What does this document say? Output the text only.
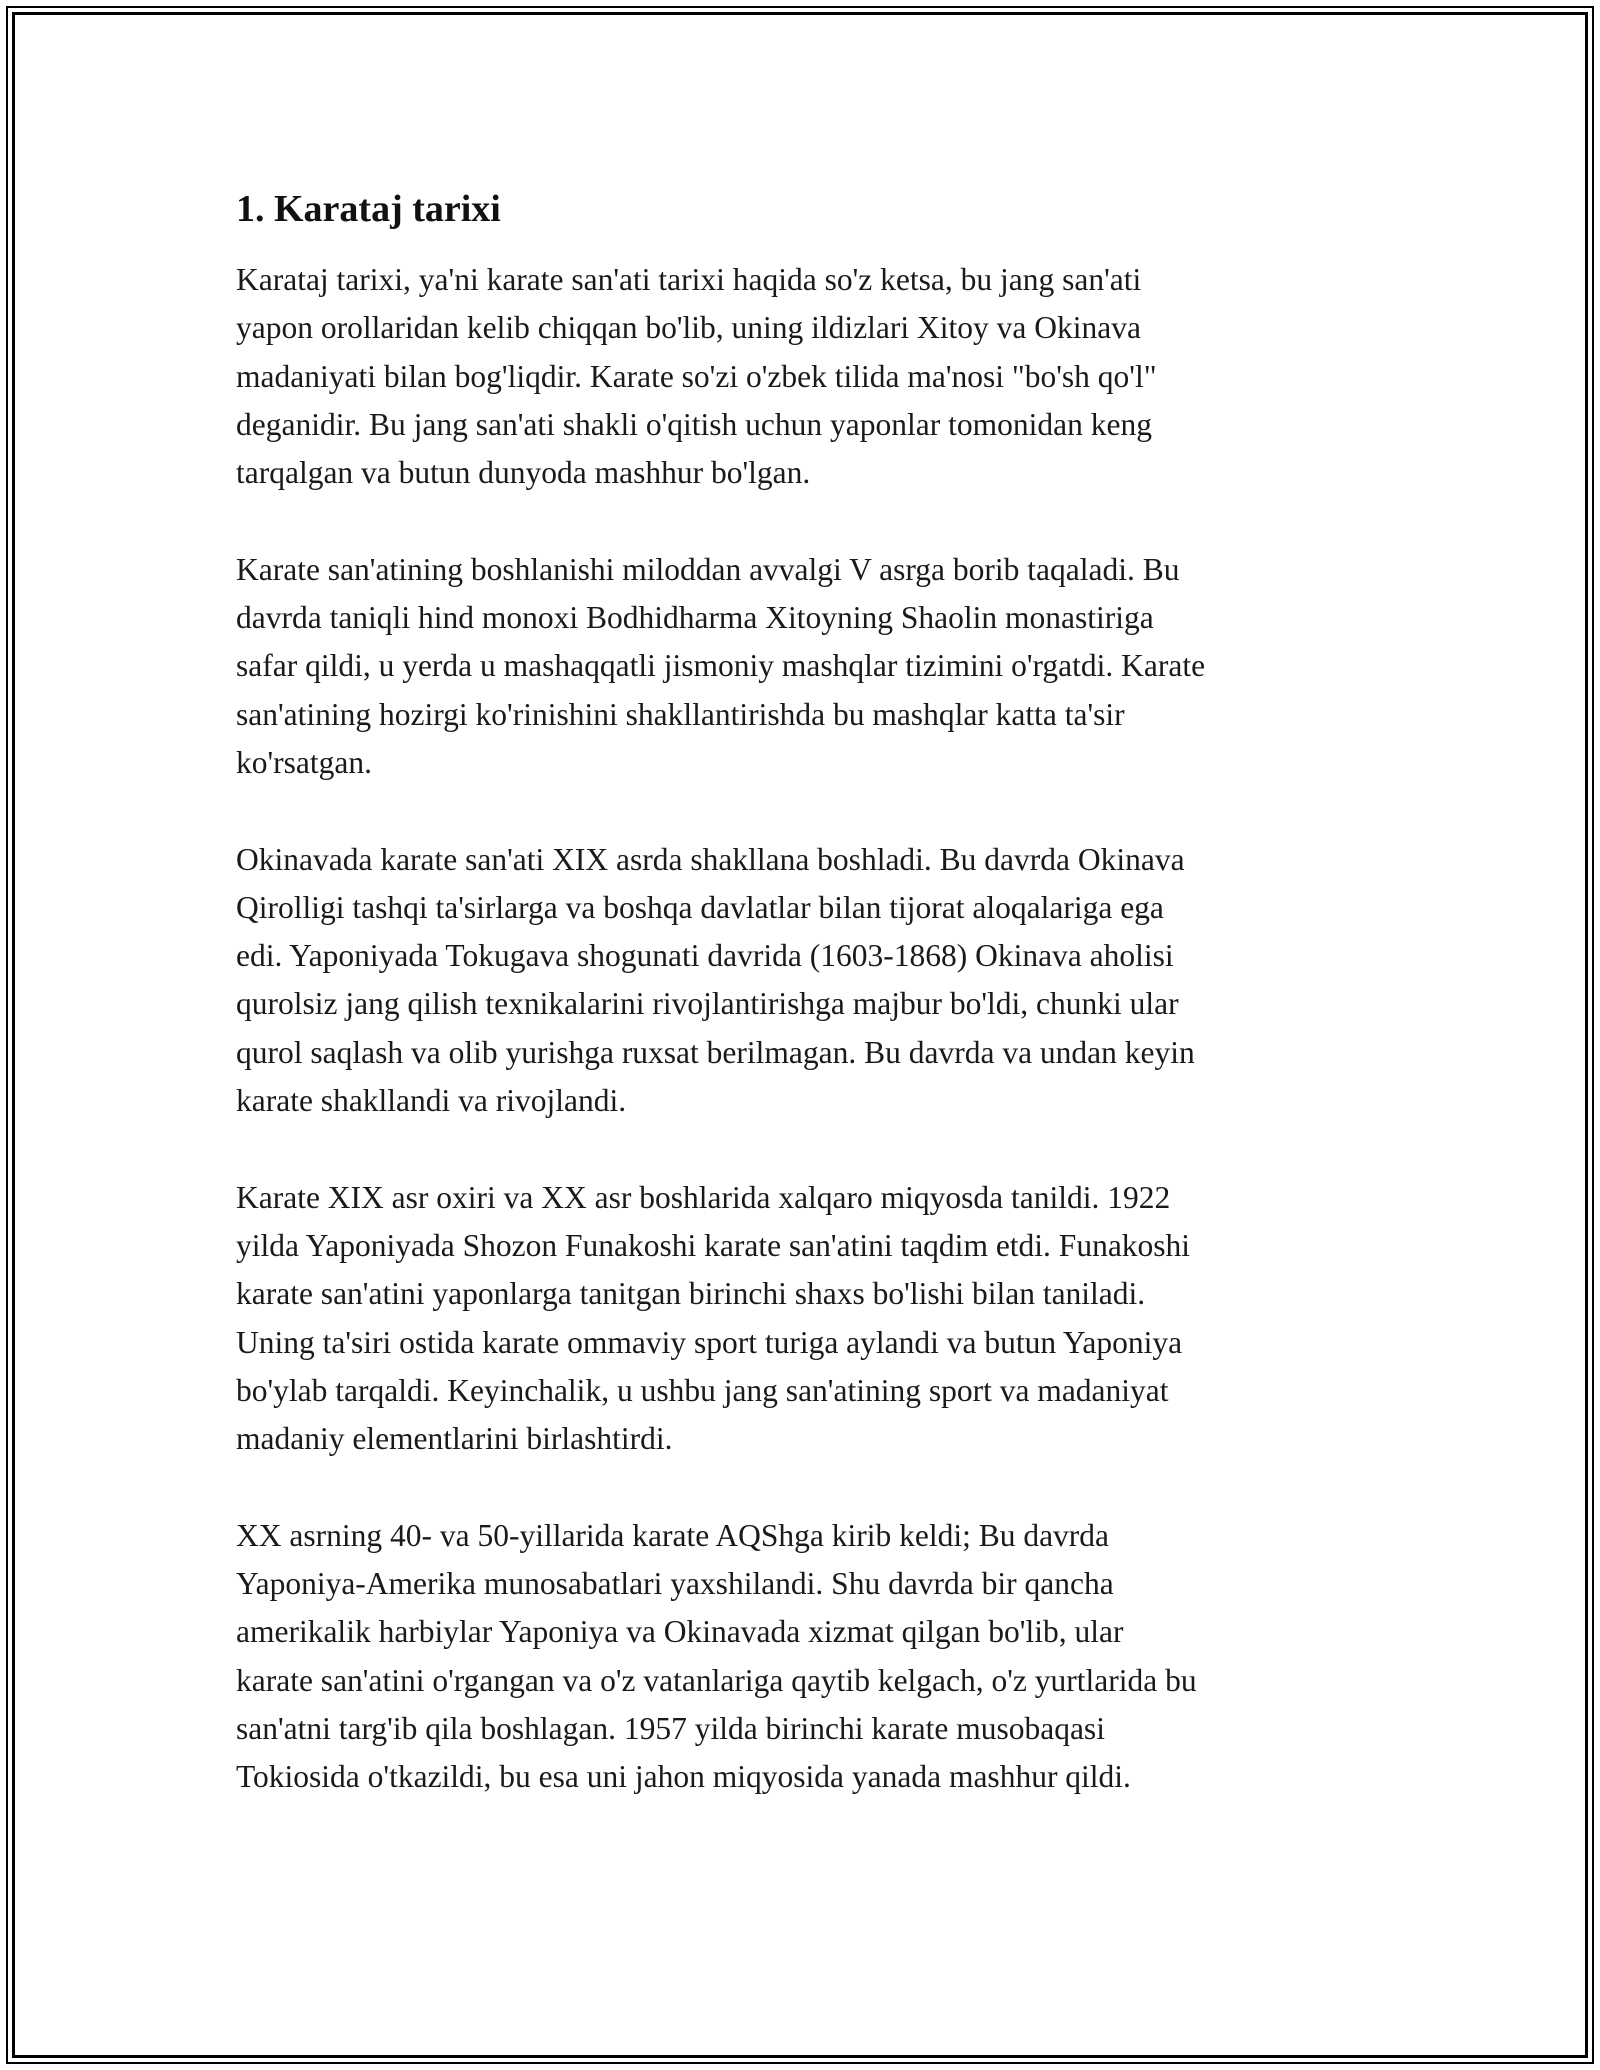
1. Karataj tarixi

Karataj tarixi, ya'ni karate san'ati tarixi haqida so'z ketsa, bu jang san'ati
yapon orollaridan kelib chiqqan bo'lib, uning ildizlari Xitoy va Okinava
madaniyati bilan bog'liqdir. Karate so'zi o'zbek tilida ma'nosi "bo'sh qo'l"
deganidir. Bu jang san'ati shakli o'qitish uchun yaponlar tomonidan keng
tarqalgan va butun dunyoda mashhur bo'lgan.

Karate san'atining boshlanishi miloddan avvalgi V asrga borib taqaladi. Bu
davrda taniqli hind monoxi Bodhidharma Xitoyning Shaolin monastiriga
safar qildi, u yerda u mashaqqatli jismoniy mashqlar tizimini o'rgatdi. Karate
san'atining hozirgi ko'rinishini shakllantirishda bu mashqlar katta ta'sir
ko'rsatgan.

Okinavada karate san'ati XIX asrda shakllana boshladi. Bu davrda Okinava
Qirolligi tashqi ta'sirlarga va boshqa davlatlar bilan tijorat aloqalariga ega
edi. Yaponiyada Tokugava shogunati davrida (1603-1868) Okinava aholisi
qurolsiz jang qilish texnikalarini rivojlantirishga majbur bo'ldi, chunki ular
qurol saqlash va olib yurishga ruxsat berilmagan. Bu davrda va undan keyin
karate shakllandi va rivojlandi.

Karate XIX asr oxiri va XX asr boshlarida xalqaro miqyosda tanildi. 1922
yilda Yaponiyada Shozon Funakoshi karate san'atini taqdim etdi. Funakoshi
karate san'atini yaponlarga tanitgan birinchi shaxs bo'lishi bilan taniladi.
Uning ta'siri ostida karate ommaviy sport turiga aylandi va butun Yaponiya
bo'ylab tarqaldi. Keyinchalik, u ushbu jang san'atining sport va madaniyat
madaniy elementlarini birlashtirdi.

XX asrning 40- va 50-yillarida karate AQShga kirib keldi; Bu davrda
Yaponiya-Amerika munosabatlari yaxshilandi. Shu davrda bir qancha
amerikalik harbiylar Yaponiya va Okinavada xizmat qilgan bo'lib, ular
karate san'atini o'rgangan va o'z vatanlariga qaytib kelgach, o'z yurtlarida bu
san'atni targ'ib qila boshlagan. 1957 yilda birinchi karate musobaqasi
Tokiosida o'tkazildi, bu esa uni jahon miqyosida yanada mashhur qildi.
